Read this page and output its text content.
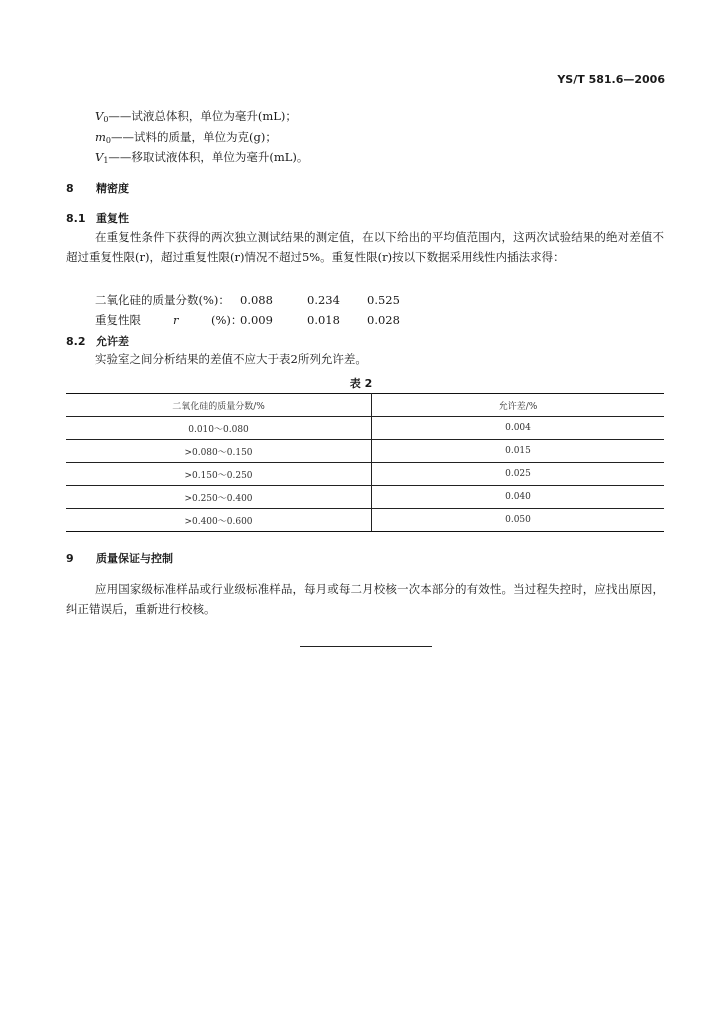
YS/T 581.6—2006
$V_0——$试液总体积，单位为毫升(mL)；
$m_0——$试料的质量，单位为克(g)；
$V_1——$移取试液体积，单位为毫升(mL)。
8 精密度
8.1 重复性
在重复性条件下获得的两次独立测试结果的测定值，在以下给出的平均值范围内，这两次试验结果的绝对差值不超过重复性限(r)，超过重复性限(r)情况不超过5%。重复性限(r)按以下数据采用线性内插法求得：
二氧化硅的质量分数(%)： 0.088	0.234 0.525
重复性限	r	(%)：0.009	0.018 0.028
8.2 允许差
实验室之间分析结果的差值不应大于表2所列允许差。
表 2
二氧化硅的质量分数/%	允许差/%
0.010～0.080	0.004
>0.080～0.150	0.015
>0.150～0.250	0.025
>0.250～0.400	0.040
>0.400～0.600	0.050
9 质量保证与控制
应用国家级标准样品或行业级标准样品，每月或每二月校核一次本部分的有效性。当过程失控时，应找出原因，纠正错误后，重新进行校核。
